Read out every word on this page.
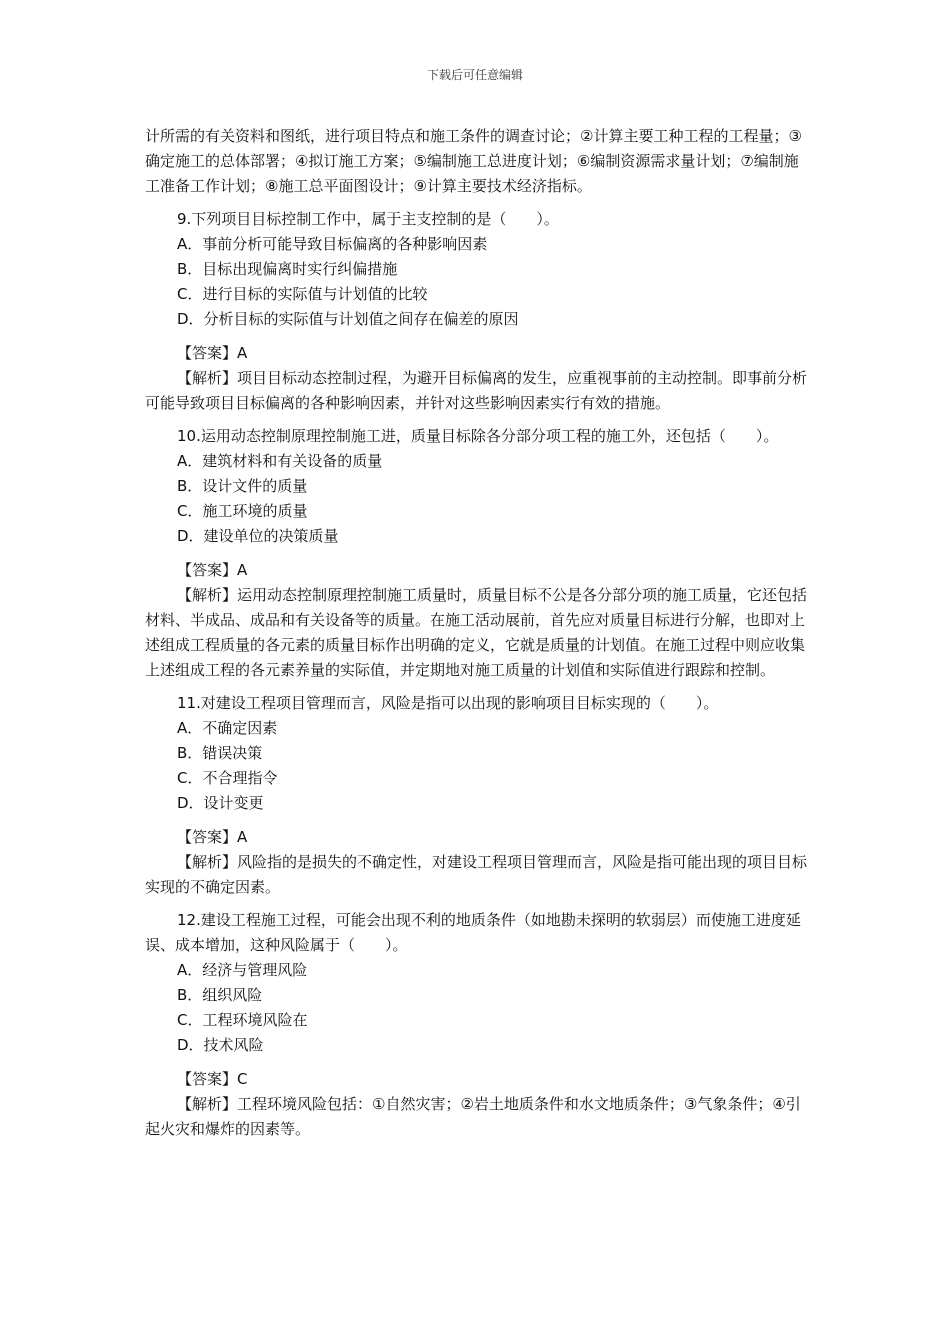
下载后可任意编辑

计所需的有关资料和图纸，进行项目特点和施工条件的调查讨论；②计算主要工种工程的工程量；③确定施工的总体部署；④拟订施工方案；⑤编制施工总进度计划；⑥编制资源需求量计划；⑦编制施工准备工作计划；⑧施工总平面图设计；⑨计算主要技术经济指标。

9.下列项目目标控制工作中，属于主支控制的是（　　）。

A．事前分析可能导致目标偏离的各种影响因素

B．目标出现偏离时实行纠偏措施

C．进行目标的实际值与计划值的比较

D．分析目标的实际值与计划值之间存在偏差的原因

【答案】A

【解析】项目目标动态控制过程，为避开目标偏离的发生，应重视事前的主动控制。即事前分析可能导致项目目标偏离的各种影响因素，并针对这些影响因素实行有效的措施。

10.运用动态控制原理控制施工进，质量目标除各分部分项工程的施工外，还包括（　　）。

A．建筑材料和有关设备的质量

B．设计文件的质量

C．施工环境的质量

D．建设单位的决策质量

【答案】A

【解析】运用动态控制原理控制施工质量时，质量目标不公是各分部分项的施工质量，它还包括材料、半成品、成品和有关设备等的质量。在施工活动展前，首先应对质量目标进行分解，也即对上述组成工程质量的各元素的质量目标作出明确的定义，它就是质量的计划值。在施工过程中则应收集上述组成工程的各元素养量的实际值，并定期地对施工质量的计划值和实际值进行跟踪和控制。

11.对建设工程项目管理而言，风险是指可以出现的影响项目目标实现的（　　）。

A．不确定因素

B．错误决策

C．不合理指令

D．设计变更

【答案】A

【解析】风险指的是损失的不确定性，对建设工程项目管理而言，风险是指可能出现的项目目标实现的不确定因素。

12.建设工程施工过程，可能会出现不利的地质条件（如地勘未探明的软弱层）而使施工进度延误、成本增加，这种风险属于（　　）。

A．经济与管理风险

B．组织风险

C．工程环境风险在

D．技术风险

【答案】C

【解析】工程环境风险包括：①自然灾害；②岩土地质条件和水文地质条件；③气象条件；④引起火灾和爆炸的因素等。
